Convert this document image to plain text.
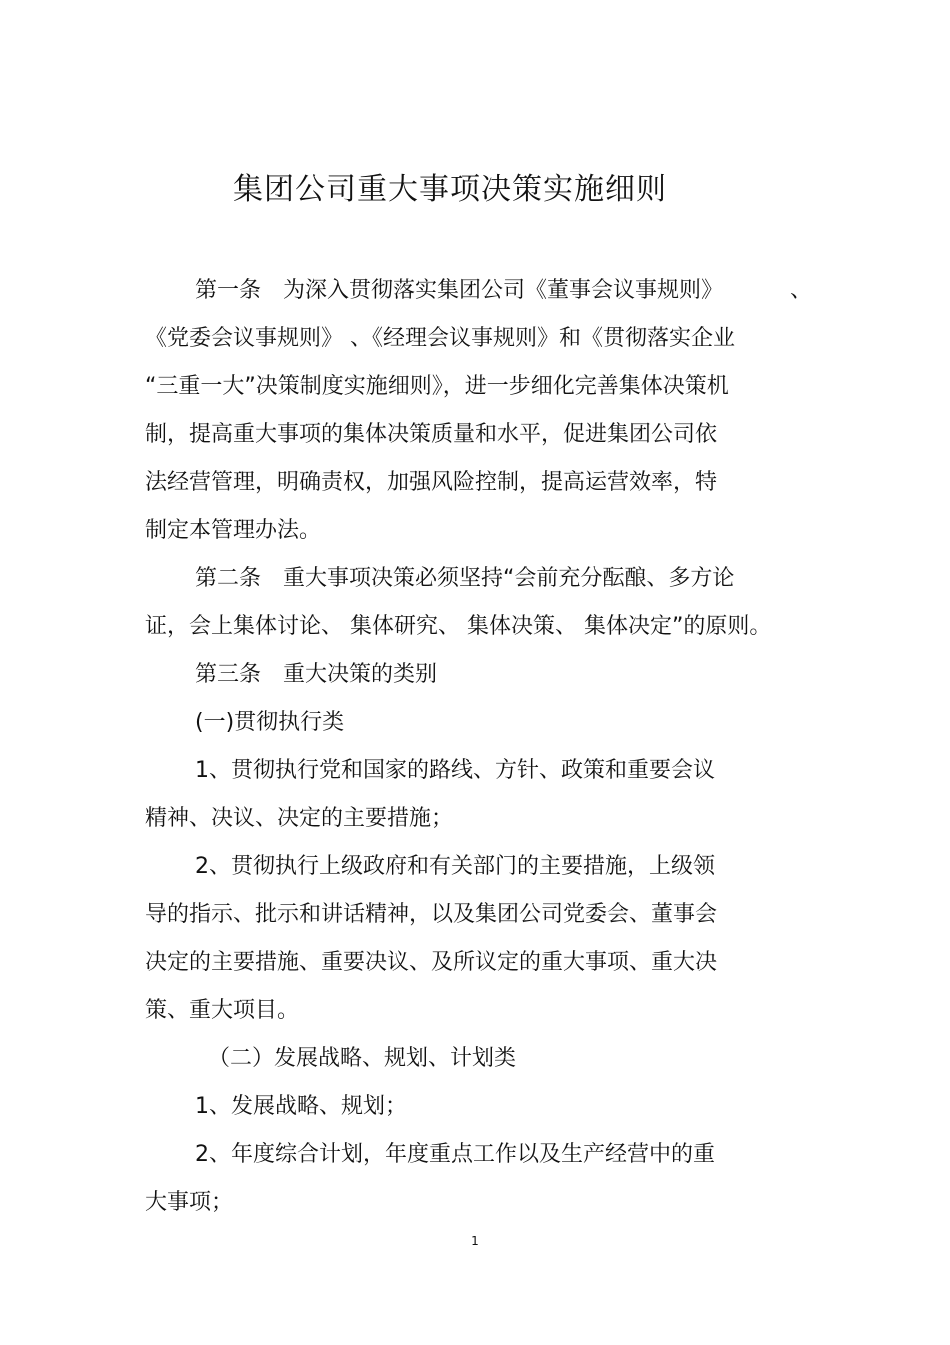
集团公司重大事项决策实施细则

第一条　为深入贯彻落实集团公司《董事会议事规则》	、

《党委会议事规则》 、《经理会议事规则》和《贯彻落实企业

“三重一大”决策制度实施细则》，进一步细化完善集体决策机

制，提高重大事项的集体决策质量和水平，促进集团公司依

法经营管理，明确责权，加强风险控制，提高运营效率，特

制定本管理办法。

第二条　重大事项决策必须坚持“会前充分酝酿、多方论

证，会上集体讨论、 集体研究、 集体决策、 集体决定”的原则。

第三条　重大决策的类别

(一)贯彻执行类

1、贯彻执行党和国家的路线、方针、政策和重要会议

精神、决议、决定的主要措施；

2、贯彻执行上级政府和有关部门的主要措施，上级领

导的指示、批示和讲话精神，以及集团公司党委会、董事会

决定的主要措施、重要决议、及所议定的重大事项、重大决

策、重大项目。

（二）发展战略、规划、计划类

1、发展战略、规划；

2、年度综合计划，年度重点工作以及生产经营中的重

大事项；

1
